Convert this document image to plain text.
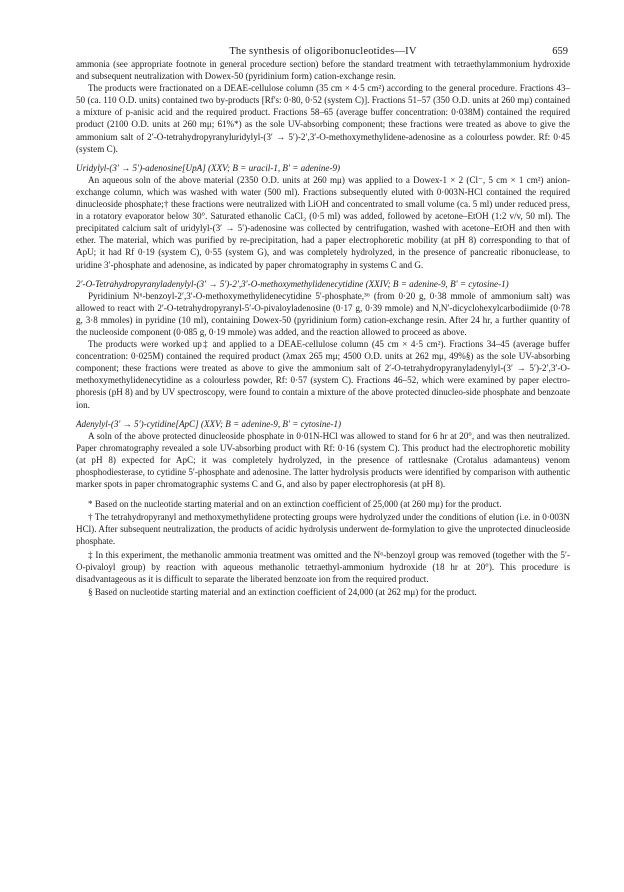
The synthesis of oligoribonucleotides—IV	659

ammonia (see appropriate footnote in general procedure section) before the standard treatment with tetraethylammonium hydroxide and subsequent neutralization with Dowex-50 (pyridinium form) cation-exchange resin.

The products were fractionated on a DEAE-cellulose column (35 cm × 4·5 cm²) according to the general procedure. Fractions 43–50 (ca. 110 O.D. units) contained two by-products [Rf's: 0·80, 0·52 (system C)]. Fractions 51–57 (350 O.D. units at 260 mμ) contained a mixture of p-anisic acid and the required product. Fractions 58–65 (average buffer concentration: 0·038M) contained the required product (2100 O.D. units at 260 mμ; 61%*) as the sole UV-absorbing component; these fractions were treated as above to give the ammonium salt of 2′-O-tetrahydropyranyluridylyl-(3′ → 5′)-2′,3′-O-methoxymethylidene-adenosine as a colourless powder. Rf: 0·45 (system C).

Uridylyl-(3′ → 5′)-adenosine[UpA] (XXV; B = uracil-1, B′ = adenine-9)

An aqueous soln of the above material (2350 O.D. units at 260 mμ) was applied to a Dowex-1 × 2 (Cl⁻, 5 cm × 1 cm²) anion-exchange column, which was washed with water (500 ml). Fractions subsequently eluted with 0·003N-HCl contained the required dinucleoside phosphate;† these fractions were neutralized with LiOH and concentrated to small volume (ca. 5 ml) under reduced press, in a rotatory evaporator below 30°. Saturated ethanolic CaCl₂ (0·5 ml) was added, followed by acetone–EtOH (1:2 v/v, 50 ml). The precipitated calcium salt of uridylyl-(3′ → 5′)-adenosine was collected by centrifugation, washed with acetone–EtOH and then with ether. The material, which was purified by re-precipitation, had a paper electrophoretic mobility (at pH 8) corresponding to that of ApU; it had Rf 0·19 (system C), 0·55 (system G), and was completely hydrolyzed, in the presence of pancreatic ribonuclease, to uridine 3′-phosphate and adenosine, as indicated by paper chromatography in systems C and G.

2′-O-Tetrahydropyranyladenylyl-(3′ → 5′)-2′,3′-O-methoxymethylidenecytidine (XXIV; B = adenine-9, B′ = cytosine-1)

Pyridinium N⁶-benzoyl-2′,3′-O-methoxymethylidenecytidine 5′-phosphate,³⁶ (from 0·20 g, 0·38 mmole of ammonium salt) was allowed to react with 2′-O-tetrahydropyranyl-5′-O-pivaloyladenosine (0·17 g, 0·39 mmole) and N,N′-dicyclohexylcarbodiimide (0·78 g, 3·8 mmoles) in pyridine (10 ml), containing Dowex-50 (pyridinium form) cation-exchange resin. After 24 hr, a further quantity of the nucleoside component (0·085 g, 0·19 mmole) was added, and the reaction allowed to proceed as above.

The products were worked up‡ and applied to a DEAE-cellulose column (45 cm × 4·5 cm²). Fractions 34–45 (average buffer concentration: 0·025M) contained the required product (λmax 265 mμ; 4500 O.D. units at 262 mμ, 49%§) as the sole UV-absorbing component; these fractions were treated as above to give the ammonium salt of 2′-O-tetrahydropyranyladenylyl-(3′ → 5′)-2′,3′-O-methoxymethylidenecytidine as a colourless powder, Rf: 0·57 (system C). Fractions 46–52, which were examined by paper electro-phoresis (pH 8) and by UV spectroscopy, were found to contain a mixture of the above protected dinucleo-side phosphate and benzoate ion.

Adenylyl-(3′ → 5′)-cytidine[ApC] (XXV; B = adenine-9, B′ = cytosine-1)

A soln of the above protected dinucleoside phosphate in 0·01N-HCl was allowed to stand for 6 hr at 20°, and was then neutralized. Paper chromatography revealed a sole UV-absorbing product with Rf: 0·16 (system C). This product had the electrophoretic mobility (at pH 8) expected for ApC; it was completely hydrolyzed, in the presence of rattlesnake (Crotalus adamanteus) venom phosphodiesterase, to cytidine 5′-phosphate and adenosine. The latter hydrolysis products were identified by comparison with authentic marker spots in paper chromatographic systems C and G, and also by paper electrophoresis (at pH 8).

* Based on the nucleotide starting material and on an extinction coefficient of 25,000 (at 260 mμ) for the product.

† The tetrahydropyranyl and methoxymethylidene protecting groups were hydrolyzed under the conditions of elution (i.e. in 0·003N HCl). After subsequent neutralization, the products of acidic hydrolysis underwent de-formylation to give the unprotected dinucleoside phosphate.

‡ In this experiment, the methanolic ammonia treatment was omitted and the N⁶-benzoyl group was removed (together with the 5′-O-pivaloyl group) by reaction with aqueous methanolic tetraethyl-ammonium hydroxide (18 hr at 20°). This procedure is disadvantageous as it is difficult to separate the liberated benzoate ion from the required product.

§ Based on nucleotide starting material and an extinction coefficient of 24,000 (at 262 mμ) for the product.
